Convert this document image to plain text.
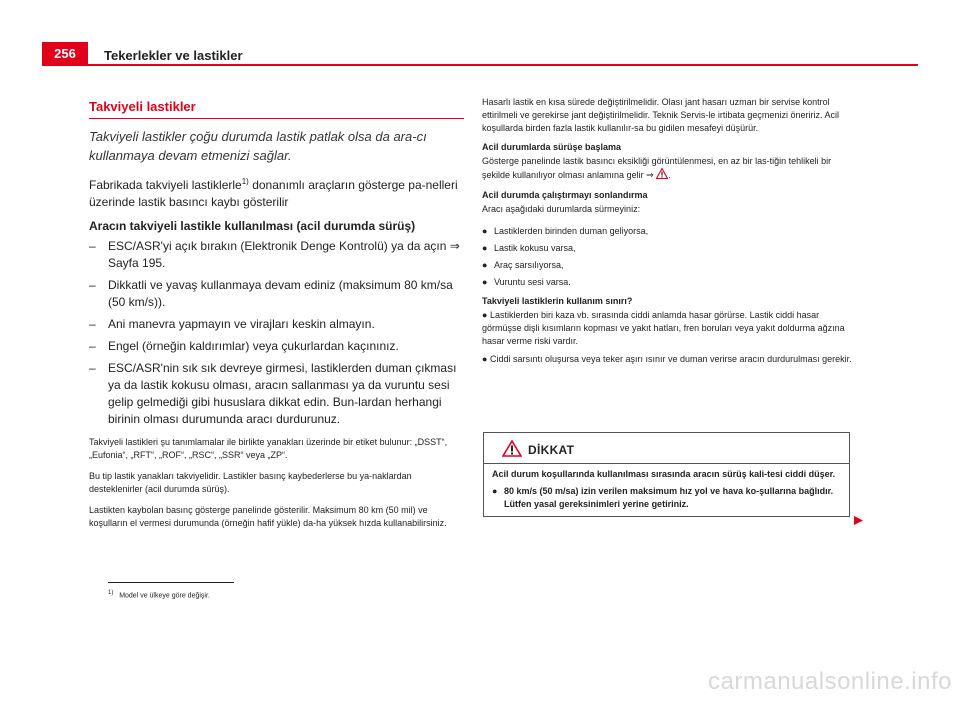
256	Tekerlekler ve lastikler
Takviyeli lastikler
Takviyeli lastikler çoğu durumda lastik patlak olsa da ara-cı kullanmaya devam etmenizi sağlar.
Fabrikada takviyeli lastiklerle$^{1)}$ donanımlı araçların gösterge pa-nelleri üzerinde lastik basıncı kaybı gösterilir
Aracın takviyeli lastikle kullanılması (acil durumda sürüş)
– ESC/ASR'yi açık bırakın (Elektronik Denge Kontrolü) ya da açın ⇒ Sayfa 195.
– Dikkatli ve yavaş kullanmaya devam ediniz (maksimum 80 km/sa (50 km/s)).
– Ani manevra yapmayın ve virajları keskin almayın.
– Engel (örneğin kaldırımlar) veya çukurlardan kaçınınız.
– ESC/ASR'nin sık sık devreye girmesi, lastiklerden duman çıkması ya da lastik kokusu olması, aracın sallanması ya da vuruntu sesi gelip gelmediği gibi hususlara dikkat edin. Bun-lardan herhangi birinin olması durumunda aracı durdurunuz.
Takviyeli lastikleri şu tanımlamalar ile birlikte yanakları üzerinde bir etiket bulunur: „DSST“, „Eufonia“, „RFT“, „ROF“, „RSC“, „SSR“ veya „ZP“.
Bu tip lastik yanakları takviyelidir. Lastikler basınç kaybederlerse bu ya-naklardan desteklenirler (acil durumda sürüş).
Lastikten kaybolan basınç gösterge panelinde gösterilir. Maksimum 80 km (50 mil) ve koşulların el vermesi durumunda (örneğin hafif yükle) da-ha yüksek hızda kullanabilirsiniz.
Hasarlı lastik en kısa sürede değiştirilmelidir. Olası jant hasarı uzman bir servise kontrol ettirilmeli ve gerekirse jant değiştirilmelidir. Teknik Servis-le irtibata geçmenizi öneririz. Acil koşullarda birden fazla lastik kullanılır-sa bu gidilen mesafeyi düşürür.
Acil durumlarda sürüşe başlama
Gösterge panelinde lastik basıncı eksikliği görüntülenmesi, en az bir las-tiğin tehlikeli bir şekilde kullanılıyor olması anlamına gelir ⇒ .
Acil durumda çalıştırmayı sonlandırma
Aracı aşağıdaki durumlarda sürmeyiniz:
● Lastiklerden birinden duman geliyorsa,
● Lastik kokusu varsa,
● Araç sarsılıyorsa,
● Vuruntu sesi varsa.
Takviyeli lastiklerin kullanım sınırı?
● Lastiklerden biri kaza vb. sırasında ciddi anlamda hasar görürse. Lastik ciddi hasar görmüşse dişli kısımların kopması ve yakıt hatları, fren boruları veya yakıt doldurma ağzına hasar verme riski vardır.
● Ciddi sarsıntı oluşursa veya teker aşırı ısınır ve duman verirse aracın durdurulması gerekir.
DİKKAT
Acil durum koşullarında kullanılması sırasında aracın sürüş kali-tesi ciddi düşer.
● 80 km/s (50 m/sa) izin verilen maksimum hız yol ve hava ko-şullarına bağlıdır. Lütfen yasal gereksinimleri yerine getiriniz.
$^{1)}$ Model ve ülkeye göre değişir.
carmanualsonline.info
